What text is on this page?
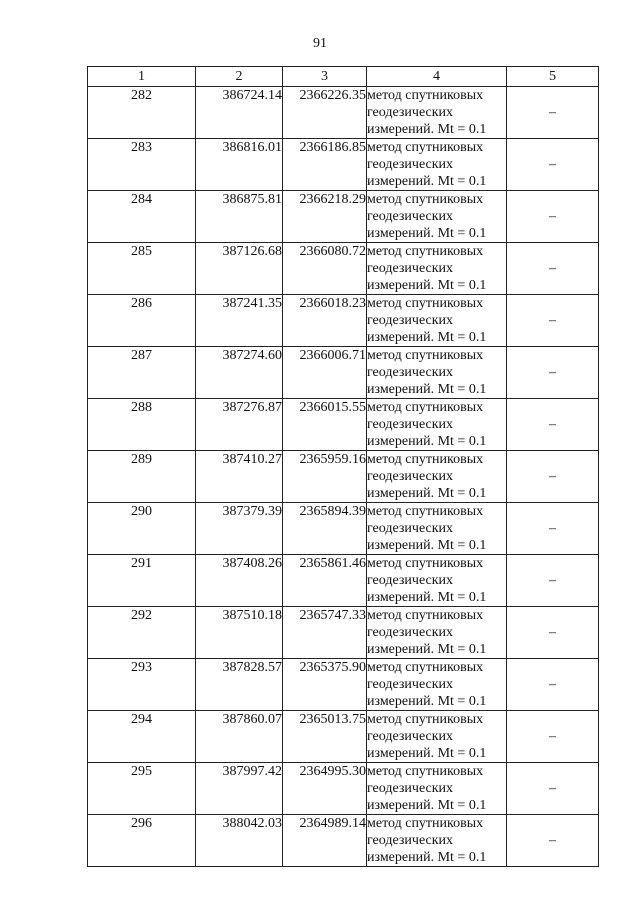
91
1	2	3	4	5
282	386724.14	2366226.35	метод спутниковых
геодезических
измерений. Mt = 0.1	–
283	386816.01	2366186.85	метод спутниковых
геодезических
измерений. Mt = 0.1	–
284	386875.81	2366218.29	метод спутниковых
геодезических
измерений. Mt = 0.1	–
285	387126.68	2366080.72	метод спутниковых
геодезических
измерений. Mt = 0.1	–
286	387241.35	2366018.23	метод спутниковых
геодезических
измерений. Mt = 0.1	–
287	387274.60	2366006.71	метод спутниковых
геодезических
измерений. Mt = 0.1	–
288	387276.87	2366015.55	метод спутниковых
геодезических
измерений. Mt = 0.1	–
289	387410.27	2365959.16	метод спутниковых
геодезических
измерений. Mt = 0.1	–
290	387379.39	2365894.39	метод спутниковых
геодезических
измерений. Mt = 0.1	–
291	387408.26	2365861.46	метод спутниковых
геодезических
измерений. Mt = 0.1	–
292	387510.18	2365747.33	метод спутниковых
геодезических
измерений. Mt = 0.1	–
293	387828.57	2365375.90	метод спутниковых
геодезических
измерений. Mt = 0.1	–
294	387860.07	2365013.75	метод спутниковых
геодезических
измерений. Mt = 0.1	–
295	387997.42	2364995.30	метод спутниковых
геодезических
измерений. Mt = 0.1	–
296	388042.03	2364989.14	метод спутниковых
геодезических
измерений. Mt = 0.1	–
